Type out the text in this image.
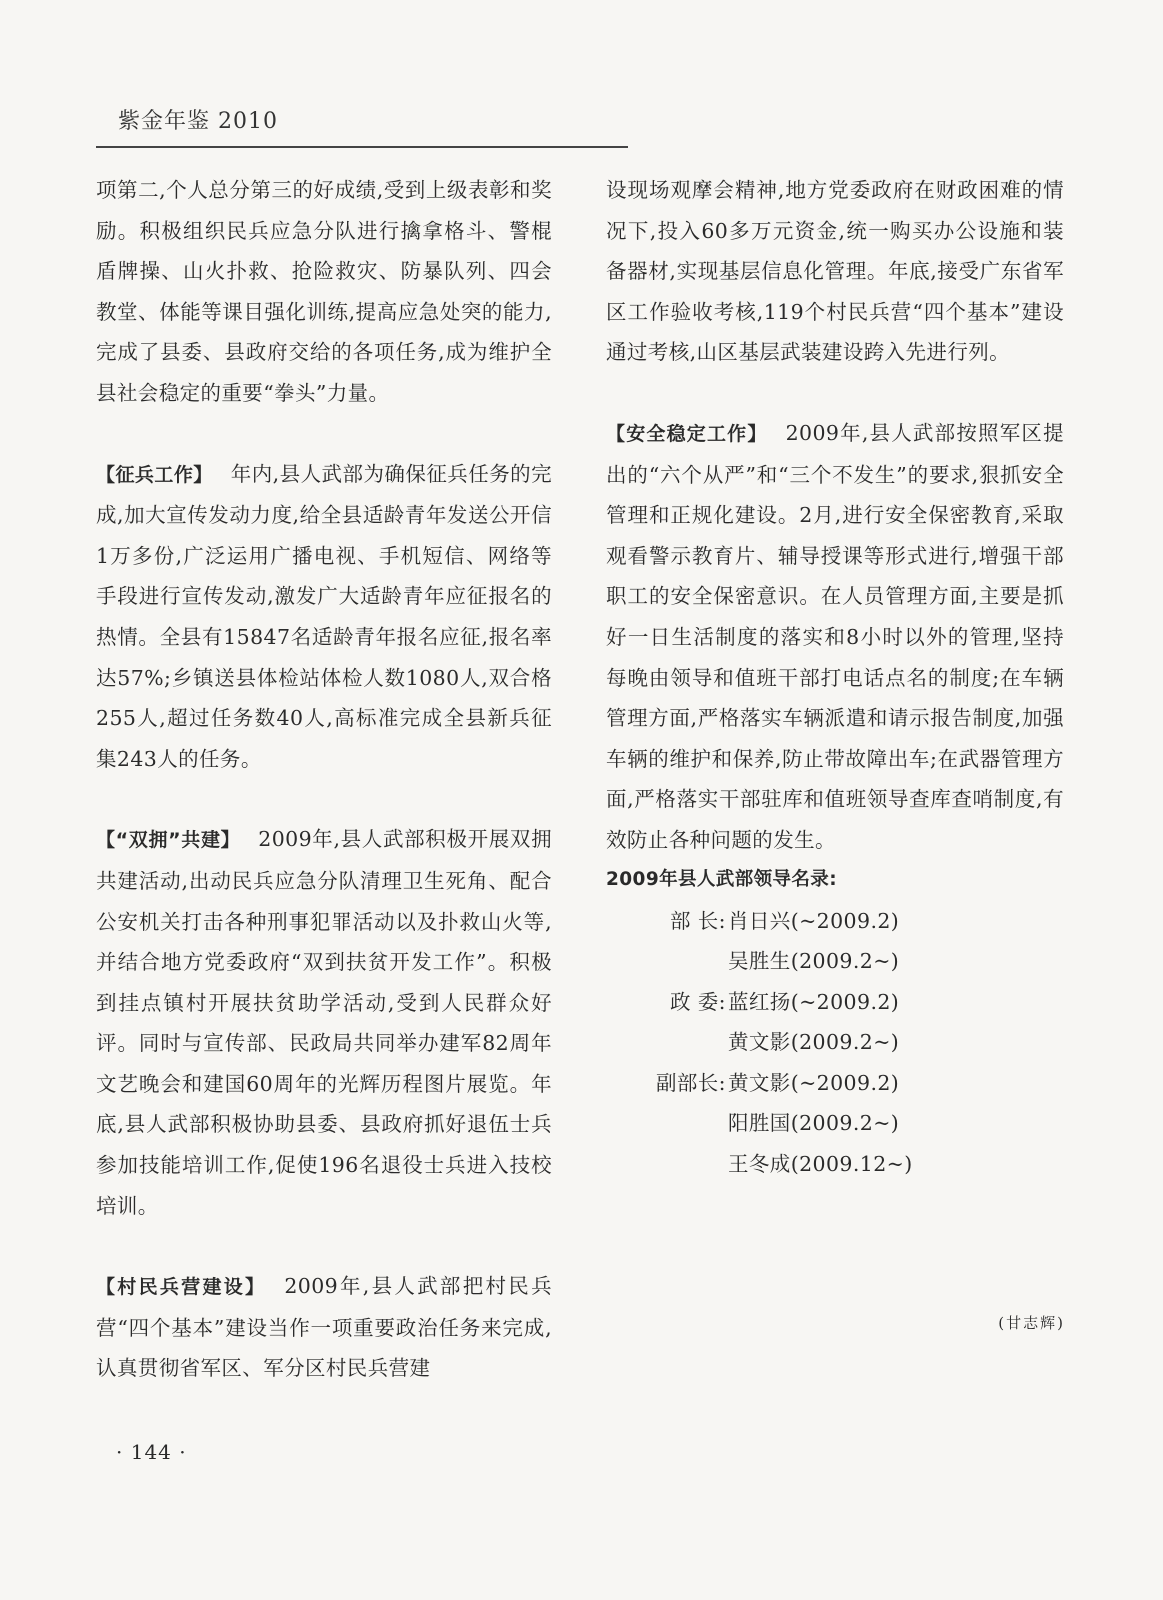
紫金年鉴 2010

项第二,个人总分第三的好成绩,受到上级表彰和奖励。积极组织民兵应急分队进行擒拿格斗、警棍盾牌操、山火扑救、抢险救灾、防暴队列、四会教堂、体能等课目强化训练,提高应急处突的能力,完成了县委、县政府交给的各项任务,成为维护全县社会稳定的重要“拳头”力量。

【征兵工作】 年内,县人武部为确保征兵任务的完成,加大宣传发动力度,给全县适龄青年发送公开信1万多份,广泛运用广播电视、手机短信、网络等手段进行宣传发动,激发广大适龄青年应征报名的热情。全县有15847名适龄青年报名应征,报名率达57%;乡镇送县体检站体检人数1080人,双合格255人,超过任务数40人,高标准完成全县新兵征集243人的任务。

【“双拥”共建】 2009年,县人武部积极开展双拥共建活动,出动民兵应急分队清理卫生死角、配合公安机关打击各种刑事犯罪活动以及扑救山火等,并结合地方党委政府“双到扶贫开发工作”。积极到挂点镇村开展扶贫助学活动,受到人民群众好评。同时与宣传部、民政局共同举办建军82周年文艺晚会和建国60周年的光辉历程图片展览。年底,县人武部积极协助县委、县政府抓好退伍士兵参加技能培训工作,促使196名退役士兵进入技校培训。

【村民兵营建设】 2009年,县人武部把村民兵营“四个基本”建设当作一项重要政治任务来完成,认真贯彻省军区、军分区村民兵营建

设现场观摩会精神,地方党委政府在财政困难的情况下,投入60多万元资金,统一购买办公设施和装备器材,实现基层信息化管理。年底,接受广东省军区工作验收考核,119个村民兵营“四个基本”建设通过考核,山区基层武装建设跨入先进行列。

【安全稳定工作】 2009年,县人武部按照军区提出的“六个从严”和“三个不发生”的要求,狠抓安全管理和正规化建设。2月,进行安全保密教育,采取观看警示教育片、辅导授课等形式进行,增强干部职工的安全保密意识。在人员管理方面,主要是抓好一日生活制度的落实和8小时以外的管理,坚持每晚由领导和值班干部打电话点名的制度;在车辆管理方面,严格落实车辆派遣和请示报告制度,加强车辆的维护和保养,防止带故障出车;在武器管理方面,严格落实干部驻库和值班领导查库查哨制度,有效防止各种问题的发生。

2009年县人武部领导名录:
部 长: 肖日兴(~2009.2)
吴胜生(2009.2~)
政 委: 蓝红扬(~2009.2)
黄文影(2009.2~)
副部长: 黄文影(~2009.2)
阳胜国(2009.2~)
王冬成(2009.12~)
(甘志辉)
· 144 ·
